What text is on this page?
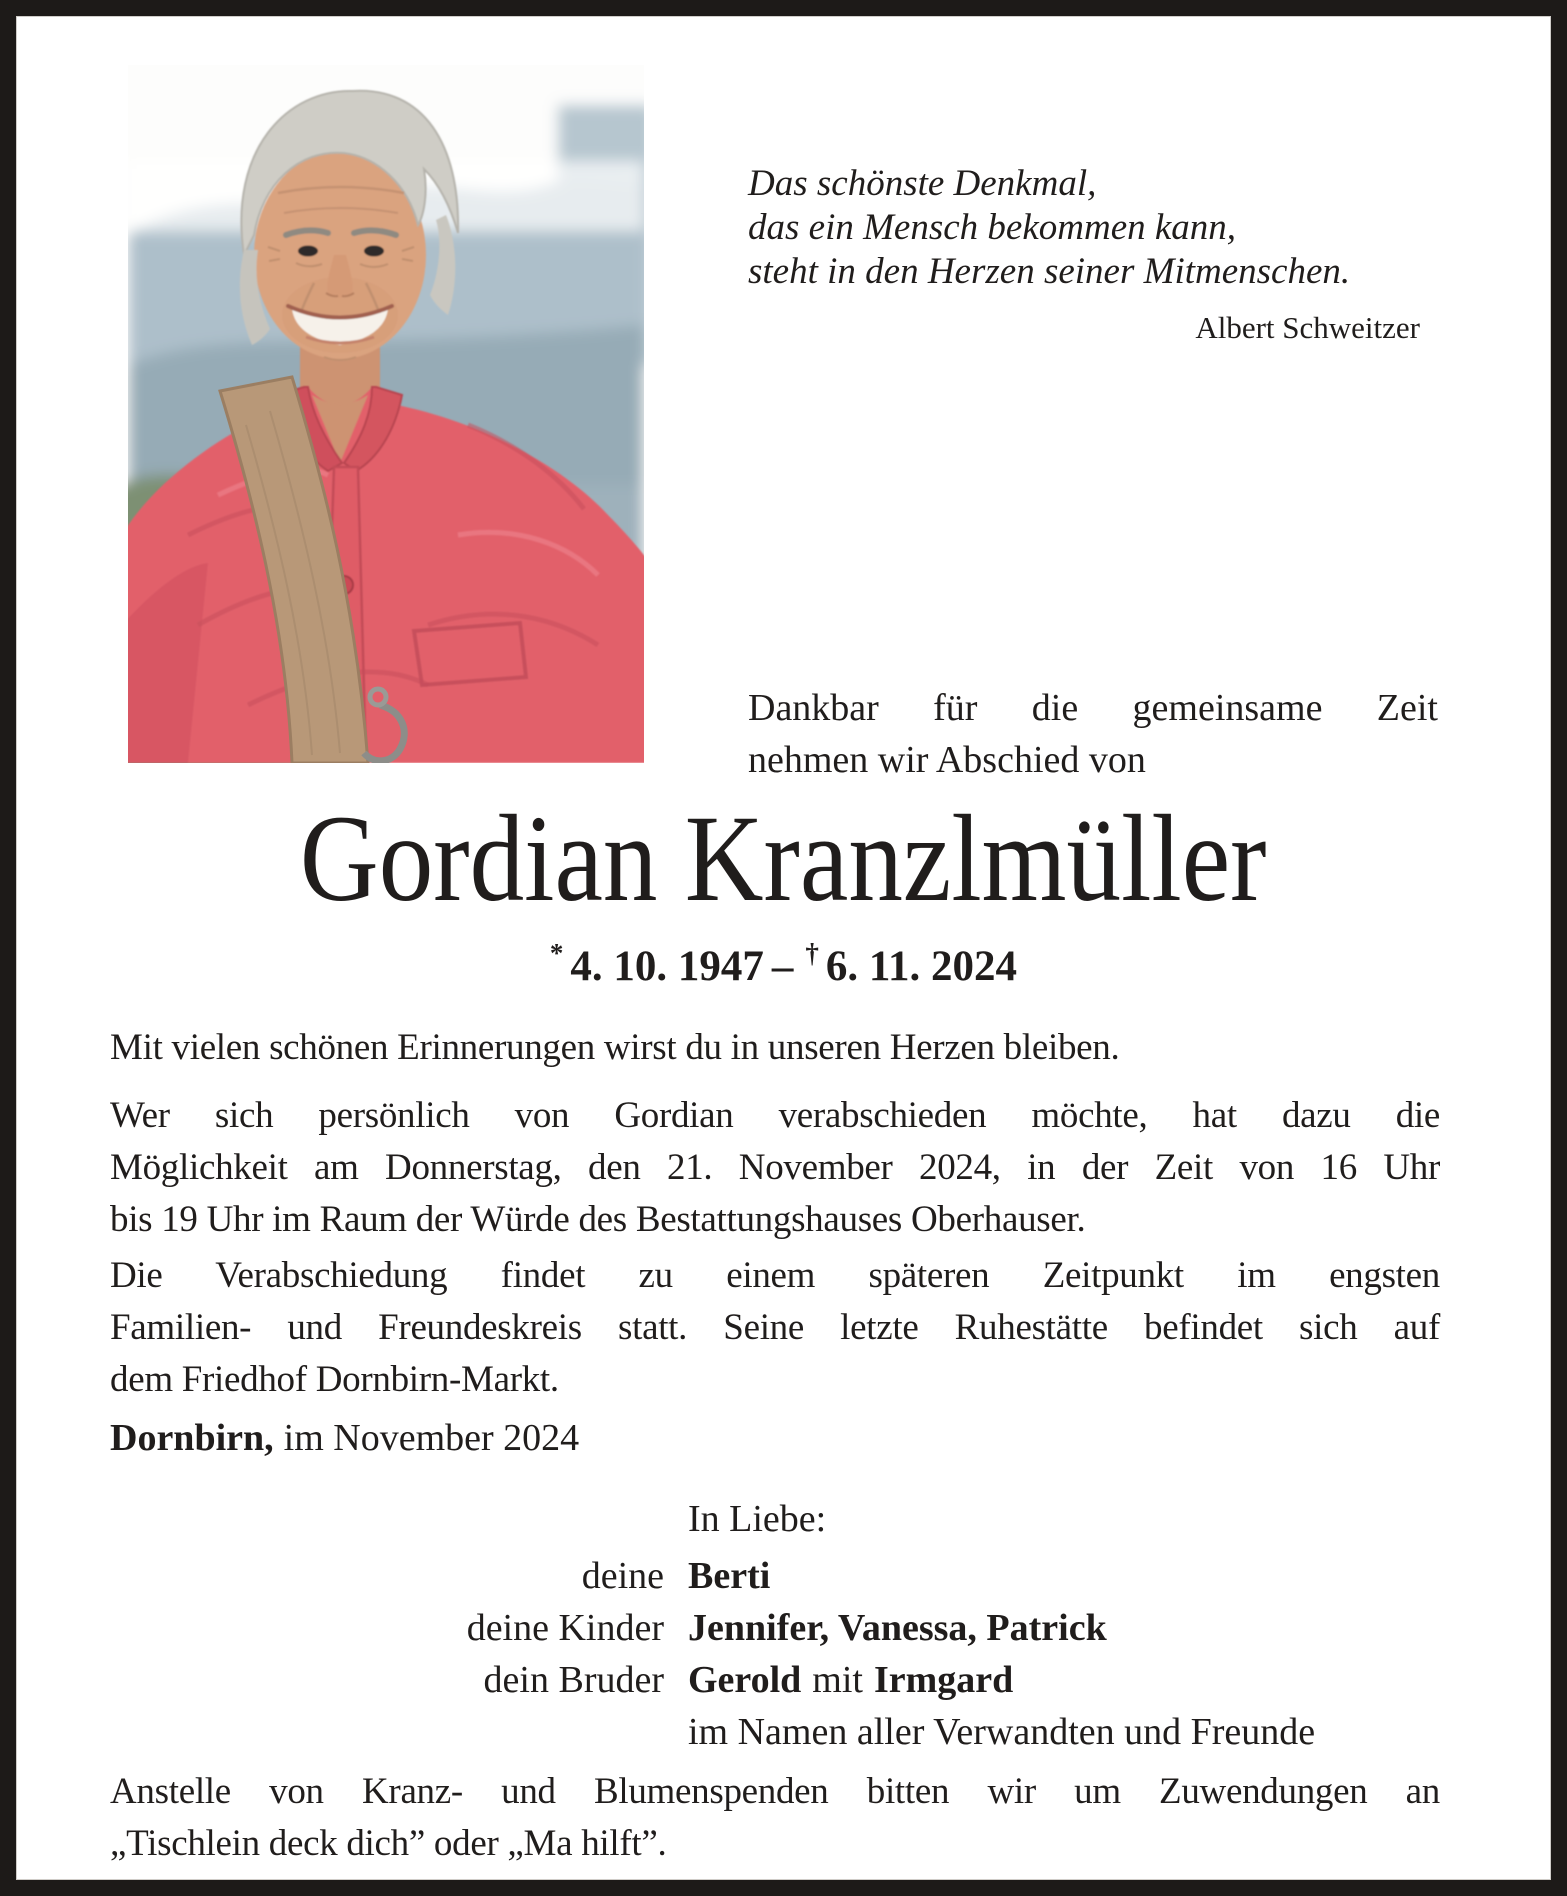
Das schönste Denkmal,
das ein Mensch bekommen kann,
steht in den Herzen seiner Mitmenschen.
Albert Schweitzer
Dankbar für die gemeinsame Zeit
nehmen wir Abschied von
Gordian Kranzlmüller
* 4. 10. 1947 – † 6. 11. 2024
Mit vielen schönen Erinnerungen wirst du in unseren Herzen bleiben.
Wer sich persönlich von Gordian verabschieden möchte, hat dazu die
Möglichkeit am Donnerstag, den 21. November 2024, in der Zeit von 16 Uhr
bis 19 Uhr im Raum der Würde des Bestattungshauses Oberhauser.
Die Verabschiedung findet zu einem späteren Zeitpunkt im engsten
Familien- und Freundeskreis statt. Seine letzte Ruhestätte befindet sich auf
dem Friedhof Dornbirn-Markt.
Dornbirn, im November 2024
In Liebe:
deine Berti
deine Kinder Jennifer, Vanessa, Patrick
dein Bruder Gerold mit Irmgard
im Namen aller Verwandten und Freunde
Anstelle von Kranz- und Blumenspenden bitten wir um Zuwendungen an
„Tischlein deck dich” oder „Ma hilft”.
